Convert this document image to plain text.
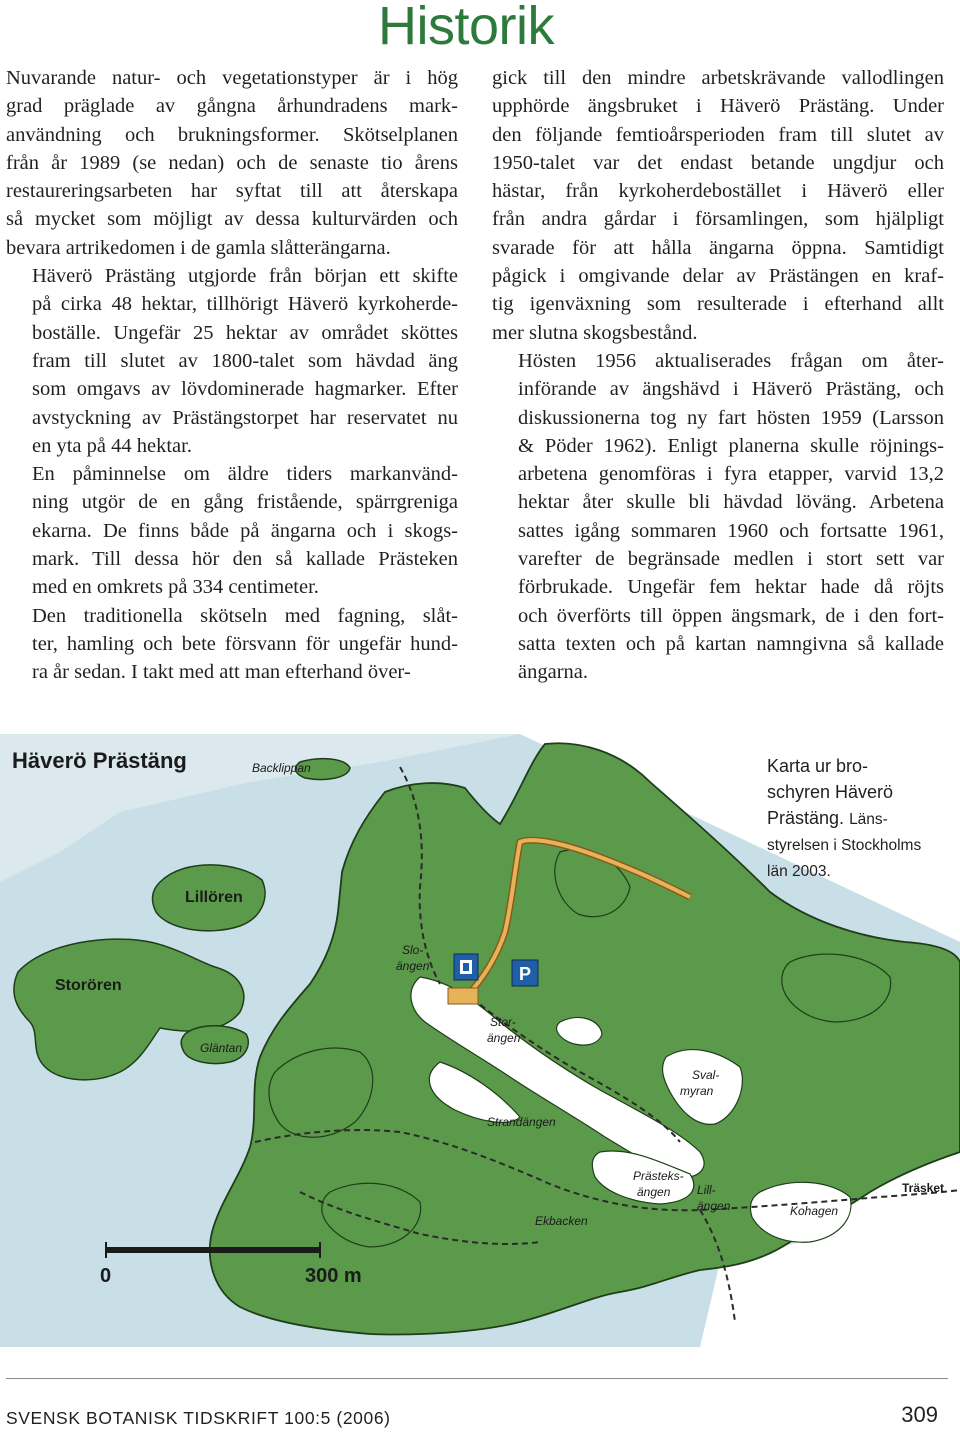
Historik

Nuvarande natur- och vegetationstyper är i hög
grad präglade av gångna århundradens mark-
användning och brukningsformer. Skötselplanen
från år 1989 (se nedan) och de senaste tio årens
restaureringsarbeten har syftat till att återskapa
så mycket som möjligt av dessa kulturvärden och
bevara artrikedomen i de gamla slåtterängarna.

Häverö Prästäng utgjorde från början ett skifte
på cirka 48 hektar, tillhörigt Häverö kyrkoherde-
boställe. Ungefär 25 hektar av området sköttes
fram till slutet av 1800-talet som hävdad äng
som omgavs av lövdominerade hagmarker. Efter
avstyckning av Prästängstorpet har reservatet nu
en yta på 44 hektar.

En påminnelse om äldre tiders markanvänd-
ning utgör de en gång fristående, spärrgreniga
ekarna. De finns både på ängarna och i skogs-
mark. Till dessa hör den så kallade Prästeken
med en omkrets på 334 centimeter.

Den traditionella skötseln med fagning, slåt-
ter, hamling och bete försvann för ungefär hund-
ra år sedan. I takt med att man efterhand över-

gick till den mindre arbetskrävande vallodlingen
upphörde ängsbruket i Häverö Prästäng. Under
den följande femtioårsperioden fram till slutet av
1950-talet var det endast betande ungdjur och
hästar, från kyrkoherdebostället i Häverö eller
från andra gårdar i församlingen, som hjälpligt
svarade för att hålla ängarna öppna. Samtidigt
pågick i omgivande delar av Prästängen en kraf-
tig igenväxning som resulterade i efterhand allt
mer slutna skogsbestånd.

Hösten 1956 aktualiserades frågan om åter-
införande av ängshävd i Häverö Prästäng, och
diskussionerna tog ny fart hösten 1959 (Larsson
& Pöder 1962). Enligt planerna skulle röjnings-
arbetena genomföras i fyra etapper, varvid 13,2
hektar åter skulle bli hävdad löväng. Arbetena
sattes igång sommaren 1960 och fortsatte 1961,
varefter de begränsade medlen i stort sett var
förbrukade. Ungefär fem hektar hade då röjts
och överförts till öppen ängsmark, de i den fort-
satta texten och på kartan namngivna så kallade
ängarna.

P
Häverö Prästäng	Backlippan
Lillören
Storören
Gläntan
Slo-
ängen
Stor-
ängen
Sval-
myran
Strandängen
Prästeks-
ängen Lill-
ängen
Ekbacken
Kohagen
Träsket
0	300 m
Karta ur bro-
schyren Häverö
Prästäng. Läns-
styrelsen i Stockholms
län 2003.
SVENSK BOTANISK TIDSKRIFT 100:5 (2006)	309
